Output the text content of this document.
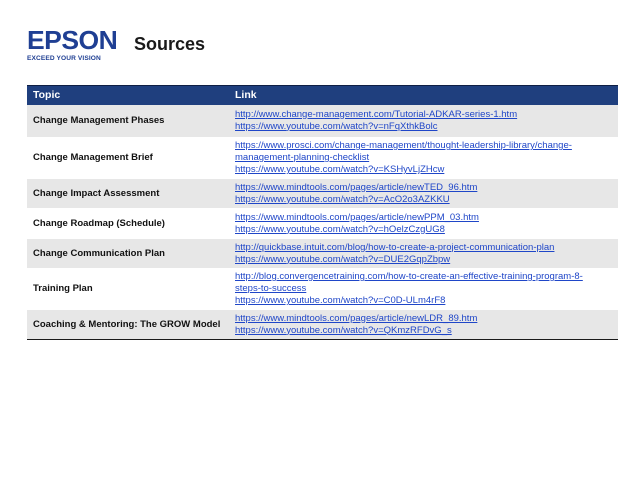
EPSON
EXCEED YOUR VISION
Sources
Topic	Link
Change Management Phases	http://www.change-management.com/Tutorial-ADKAR-series-1.htm
https://www.youtube.com/watch?v=nFqXthkBolc

Change Management Brief	https://www.prosci.com/change-management/thought-leadership-library/change-
management-planning-checklist
https://www.youtube.com/watch?v=KSHyvLjZHcw

Change Impact Assessment	https://www.mindtools.com/pages/article/newTED_96.htm
https://www.youtube.com/watch?v=AcO2o3AZKKU

Change Roadmap (Schedule)	https://www.mindtools.com/pages/article/newPPM_03.htm
https://www.youtube.com/watch?v=hOelzCzgUG8

Change Communication Plan	http://quickbase.intuit.com/blog/how-to-create-a-project-communication-plan
https://www.youtube.com/watch?v=DUE2GqpZbpw

Training Plan	http://blog.convergencetraining.com/how-to-create-an-effective-training-program-8-
steps-to-success
https://www.youtube.com/watch?v=C0D-ULm4rF8

Coaching & Mentoring: The GROW Model	https://www.mindtools.com/pages/article/newLDR_89.htm
https://www.youtube.com/watch?v=QKmzRFDvG_s
